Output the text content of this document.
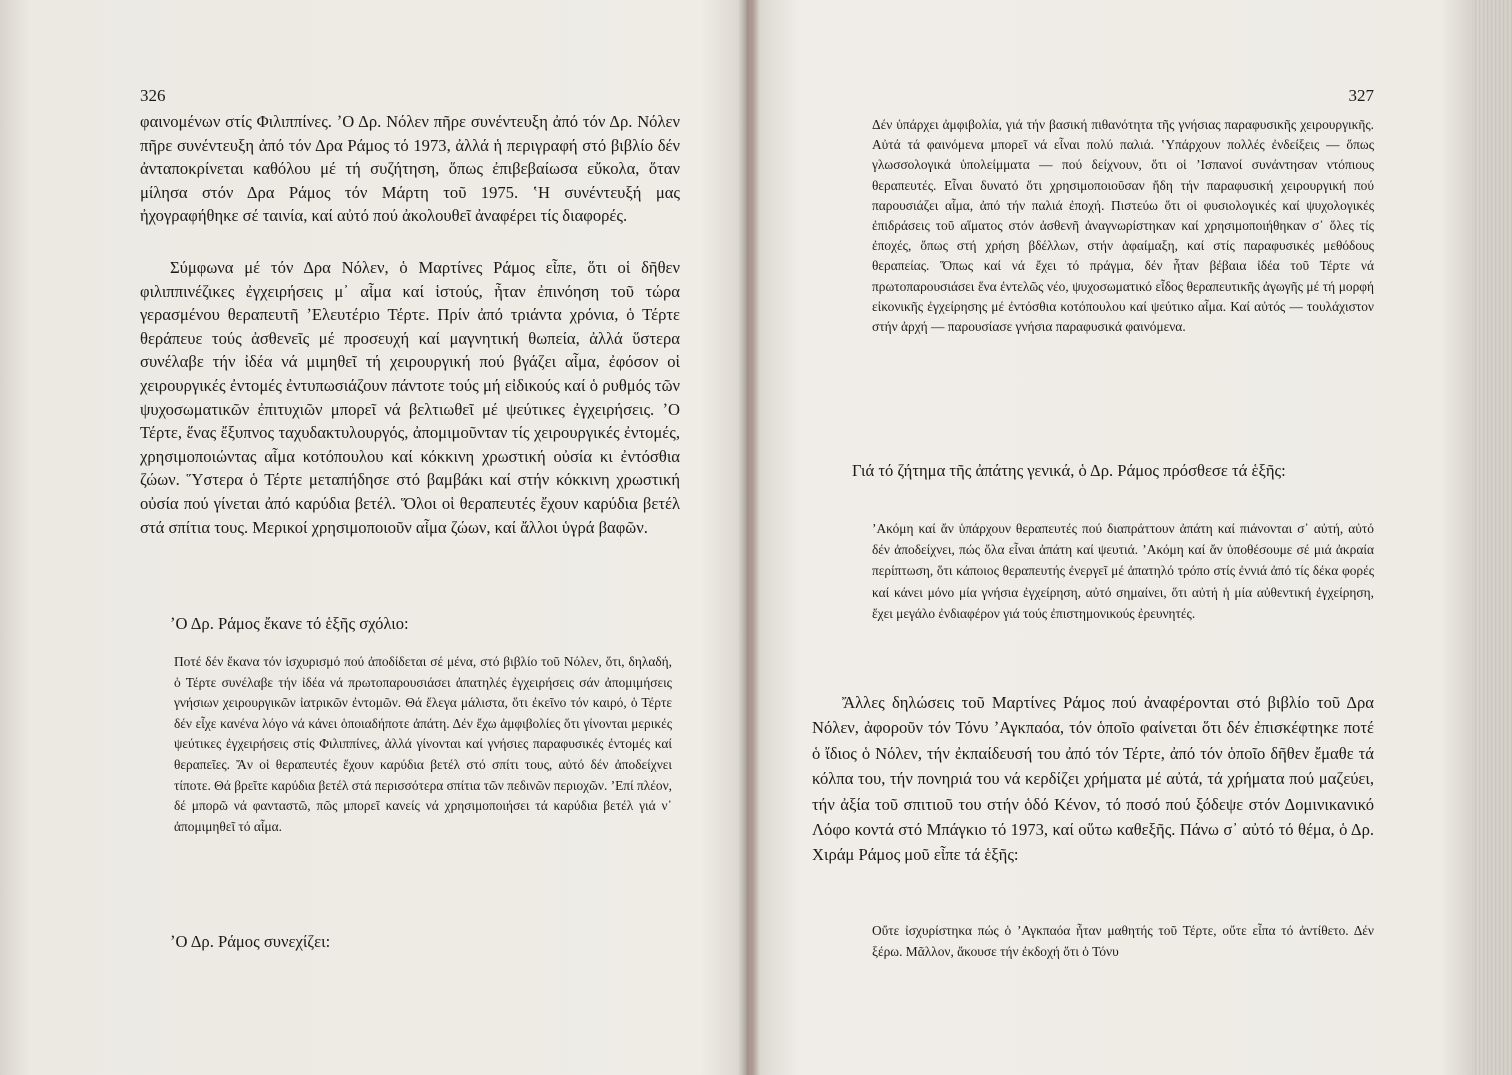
326

φαινομένων στίς Φιλιππίνες. ʼΟ Δρ. Νόλεν πῆρε συνέντευξη ἀπό τόν Δρ. Νόλεν πῆρε συνέντευξη ἀπό τόν Δρα Ράμος τό 1973, ἀλλά ἡ περιγραφή στό βιβλίο δέν ἀνταποκρίνεται καθόλου μέ τή συζήτηση, ὅπως ἐπιβεβαίωσα εὔκολα, ὅταν μίλησα στόν Δρα Ράμος τόν Μάρτη τοῦ 1975. ʽΗ συνέντευξή μας ἠχογραφήθηκε σέ ταινία, καί αὐτό πού ἀκολουθεῖ ἀναφέρει τίς διαφορές.

Σύμφωνα μέ τόν Δρα Νόλεν, ὁ Μαρτίνες Ράμος εἶπε, ὅτι οἱ δῆθεν φιλιππινέζικες ἐγχειρήσεις μ᾽ αἷμα καί ἱστούς, ἦταν ἐπινόηση τοῦ τώρα γερασμένου θεραπευτῆ ʼΕλευτέριο Τέρτε. Πρίν ἀπό τριάντα χρόνια, ὁ Τέρτε θεράπευε τούς ἀσθενεῖς μέ προσευχή καί μαγνητική θωπεία, ἀλλά ὕστερα συνέλαβε τήν ἰδέα νά μιμηθεῖ τή χειρουργική πού βγάζει αἷμα, ἐφόσον οἱ χειρουργικές ἐντομές ἐντυπωσιάζουν πάντοτε τούς μή εἰδικούς καί ὁ ρυθμός τῶν ψυχοσωματικῶν ἐπιτυχιῶν μπορεῖ νά βελτιωθεῖ μέ ψεύτικες ἐγχειρήσεις. ʼΟ Τέρτε, ἕνας ἔξυπνος ταχυδακτυλουργός, ἀπομιμοῦνταν τίς χειρουργικές ἐντομές, χρησιμοποιώντας αἷμα κοτόπουλου καί κόκκινη χρωστική οὐσία κι ἐντόσθια ζώων. Ὕστερα ὁ Τέρτε μεταπήδησε στό βαμβάκι καί στήν κόκκινη χρωστική οὐσία πού γίνεται ἀπό καρύδια βετέλ. Ὅλοι οἱ θεραπευτές ἔχουν καρύδια βετέλ στά σπίτια τους. Μερικοί χρησιμοποιοῦν αἷμα ζώων, καί ἄλλοι ὑγρά βαφῶν.

ʼΟ Δρ. Ράμος ἔκανε τό ἑξῆς σχόλιο:

Ποτέ δέν ἔκανα τόν ἰσχυρισμό πού ἀποδίδεται σέ μένα, στό βιβλίο τοῦ Νόλεν, ὅτι, δηλαδή, ὁ Τέρτε συνέλαβε τήν ἰδέα νά πρωτοπαρουσιάσει ἀπατηλές ἐγχειρήσεις σάν ἀπομιμήσεις γνήσιων χειρουργικῶν ἰατρικῶν ἐντομῶν. Θά ἔλεγα μάλιστα, ὅτι ἐκεῖνο τόν καιρό, ὁ Τέρτε δέν εἶχε κανένα λόγο νά κάνει ὁποιαδήποτε ἀπάτη. Δέν ἔχω ἀμφιβολίες ὅτι γίνονται μερικές ψεύτικες ἐγχειρήσεις στίς Φιλιππίνες, ἀλλά γίνονται καί γνήσιες παραφυσικές ἐντομές καί θεραπεῖες. Ἄν οἱ θεραπευτές ἔχουν καρύδια βετέλ στό σπίτι τους, αὐτό δέν ἀποδείχνει τίποτε. Θά βρεῖτε καρύδια βετέλ στά περισσότερα σπίτια τῶν πεδινῶν περιοχῶν. ʼΕπί πλέον, δέ μπορῶ νά φανταστῶ, πῶς μπορεῖ κανείς νά χρησιμοποιήσει τά καρύδια βετέλ γιά ν᾽ ἀπομιμηθεῖ τό αἷμα.

ʼΟ Δρ. Ράμος συνεχίζει:

327

Δέν ὑπάρχει ἀμφιβολία, γιά τήν βασική πιθανότητα τῆς γνήσιας παραφυσικῆς χειρουργικῆς. Αὐτά τά φαινόμενα μπορεῖ νά εἶναι πολύ παλιά. ʽΥπάρχουν πολλές ἐνδείξεις — ὅπως γλωσσολογικά ὑπολείμματα — πού δείχνουν, ὅτι οἱ ʼΙσπανοί συνάντησαν ντόπιους θεραπευτές. Εἶναι δυνατό ὅτι χρησιμοποιοῦσαν ἤδη τήν παραφυσική χειρουργική πού παρουσιάζει αἷμα, ἀπό τήν παλιά ἐποχή. Πιστεύω ὅτι οἱ φυσιολογικές καί ψυχολογικές ἐπιδράσεις τοῦ αἵματος στόν ἀσθενῆ ἀναγνωρίστηκαν καί χρησιμοποιήθηκαν σ᾽ ὅλες τίς ἐποχές, ὅπως στή χρήση βδέλλων, στήν ἀφαίμαξη, καί στίς παραφυσικές μεθόδους θεραπείας. Ὅπως καί νά ἔχει τό πράγμα, δέν ἦταν βέβαια ἰδέα τοῦ Τέρτε νά πρωτοπαρουσιάσει ἕνα ἐντελῶς νέο, ψυχοσωματικό εἶδος θεραπευτικῆς ἀγωγῆς μέ τή μορφή εἰκονικῆς ἐγχείρησης μέ ἐντόσθια κοτόπουλου καί ψεύτικο αἷμα. Καί αὐτός — τουλάχιστον στήν ἀρχή — παρουσίασε γνήσια παραφυσικά φαινόμενα.

Γιά τό ζήτημα τῆς ἀπάτης γενικά, ὁ Δρ. Ράμος πρόσθεσε τά ἑξῆς:

ʼΑκόμη καί ἄν ὑπάρχουν θεραπευτές πού διαπράττουν ἀπάτη καί πιάνονται σ᾽ αὐτή, αὐτό δέν ἀποδείχνει, πώς ὅλα εἶναι ἀπάτη καί ψευτιά. ʼΑκόμη καί ἄν ὑποθέσουμε σέ μιά ἀκραία περίπτωση, ὅτι κάποιος θεραπευτής ἐνεργεῖ μέ ἀπατηλό τρόπο στίς ἐννιά ἀπό τίς δέκα φορές καί κάνει μόνο μία γνήσια ἐγχείρηση, αὐτό σημαίνει, ὅτι αὐτή ἡ μία αὐθεντική ἐγχείρηση, ἔχει μεγάλο ἐνδιαφέρον γιά τούς ἐπιστημονικούς ἐρευνητές.

Ἄλλες δηλώσεις τοῦ Μαρτίνες Ράμος πού ἀναφέρονται στό βιβλίο τοῦ Δρα Νόλεν, ἀφοροῦν τόν Τόνυ ʼΑγκπαόα, τόν ὁποῖο φαίνεται ὅτι δέν ἐπισκέφτηκε ποτέ ὁ ἴδιος ὁ Νόλεν, τήν ἐκπαίδευσή του ἀπό τόν Τέρτε, ἀπό τόν ὁποῖο δῆθεν ἔμαθε τά κόλπα του, τήν πονηριά του νά κερδίζει χρήματα μέ αὐτά, τά χρήματα πού μαζεύει, τήν ἀξία τοῦ σπιτιοῦ του στήν ὁδό Κένον, τό ποσό πού ξόδεψε στόν Δομινικανικό Λόφο κοντά στό Μπάγκιο τό 1973, καί οὕτω καθεξῆς. Πάνω σ᾽ αὐτό τό θέμα, ὁ Δρ. Χιράμ Ράμος μοῦ εἶπε τά ἑξῆς:

Οὔτε ἰσχυρίστηκα πώς ὁ ʼΑγκπαόα ἦταν μαθητής τοῦ Τέρτε, οὔτε εἶπα τό ἀντίθετο. Δέν ξέρω. Μᾶλλον, ἄκουσε τήν ἐκδοχή ὅτι ὁ Τόνυ
